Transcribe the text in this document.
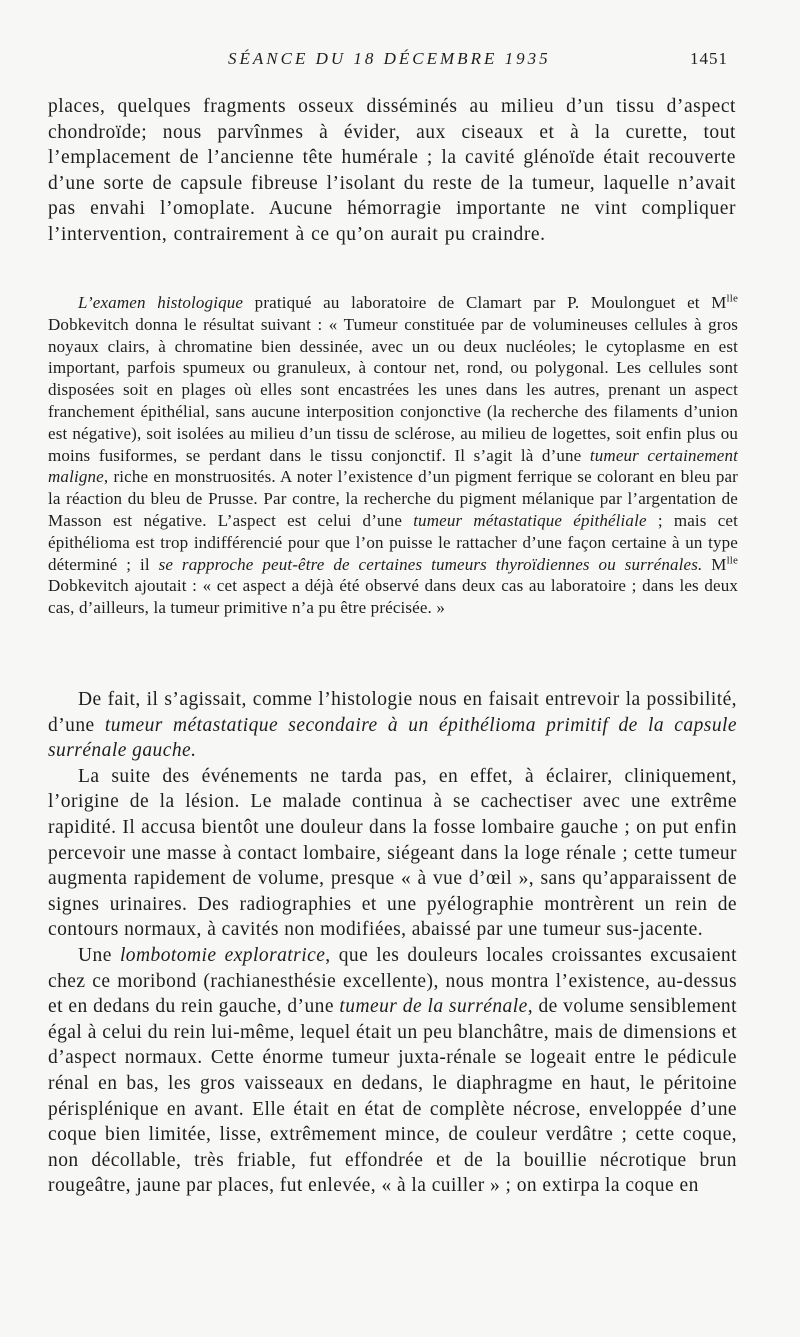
SÉANCE DU 18 DÉCEMBRE 1935	1451

places, quelques fragments osseux disséminés au milieu d’un tissu d’aspect chondroïde; nous parvînmes à évider, aux ciseaux et à la curette, tout l’emplacement de l’ancienne tête humérale ; la cavité glénoïde était recouverte d’une sorte de capsule fibreuse l’isolant du reste de la tumeur, laquelle n’avait pas envahi l’omoplate. Aucune hémorragie importante ne vint compliquer l’intervention, contrairement à ce qu’on aurait pu craindre.

L’examen histologique pratiqué au laboratoire de Clamart par P. Moulonguet et $M^{lle}$ Dobkevitch donna le résultat suivant : « Tumeur constituée par de volumineuses cellules à gros noyaux clairs, à chromatine bien dessinée, avec un ou deux nucléoles; le cytoplasme en est important, parfois spumeux ou granuleux, à contour net, rond, ou polygonal. Les cellules sont disposées soit en plages où elles sont encastrées les unes dans les autres, prenant un aspect franchement épithélial, sans aucune interposition conjonctive (la recherche des filaments d’union est négative), soit isolées au milieu d’un tissu de sclérose, au milieu de logettes, soit enfin plus ou moins fusiformes, se perdant dans le tissu conjonctif. Il s’agit là d’une tumeur certainement maligne, riche en monstruosités. A noter l’existence d’un pigment ferrique se colorant en bleu par la réaction du bleu de Prusse. Par contre, la recherche du pigment mélanique par l’argentation de Masson est négative. L’aspect est celui d’une tumeur métastatique épithéliale ; mais cet épithélioma est trop indifférencié pour que l’on puisse le rattacher d’une façon certaine à un type déterminé ; il se rapproche peut-être de certaines tumeurs thyroïdiennes ou surrénales. $M^{lle}$ Dobkevitch ajoutait : « cet aspect a déjà été observé dans deux cas au laboratoire ; dans les deux cas, d’ailleurs, la tumeur primitive n’a pu être précisée. »

De fait, il s’agissait, comme l’histologie nous en faisait entrevoir la possibilité, d’une tumeur métastatique secondaire à un épithélioma primitif de la capsule surrénale gauche.

La suite des événements ne tarda pas, en effet, à éclairer, cliniquement, l’origine de la lésion. Le malade continua à se cachectiser avec une extrême rapidité. Il accusa bientôt une douleur dans la fosse lombaire gauche ; on put enfin percevoir une masse à contact lombaire, siégeant dans la loge rénale ; cette tumeur augmenta rapidement de volume, presque « à vue d’œil », sans qu’apparaissent de signes urinaires. Des radiographies et une pyélographie montrèrent un rein de contours normaux, à cavités non modifiées, abaissé par une tumeur sus-jacente.

Une lombotomie exploratrice, que les douleurs locales croissantes excusaient chez ce moribond (rachianesthésie excellente), nous montra l’existence, au-dessus et en dedans du rein gauche, d’une tumeur de la surrénale, de volume sensiblement égal à celui du rein lui-même, lequel était un peu blanchâtre, mais de dimensions et d’aspect normaux. Cette énorme tumeur juxta-rénale se logeait entre le pédicule rénal en bas, les gros vaisseaux en dedans, le diaphragme en haut, le péritoine périsplénique en avant. Elle était en état de complète nécrose, enveloppée d’une coque bien limitée, lisse, extrêmement mince, de couleur verdâtre ; cette coque, non décollable, très friable, fut effondrée et de la bouillie nécrotique brun rougeâtre, jaune par places, fut enlevée, « à la cuiller » ; on extirpa la coque en
